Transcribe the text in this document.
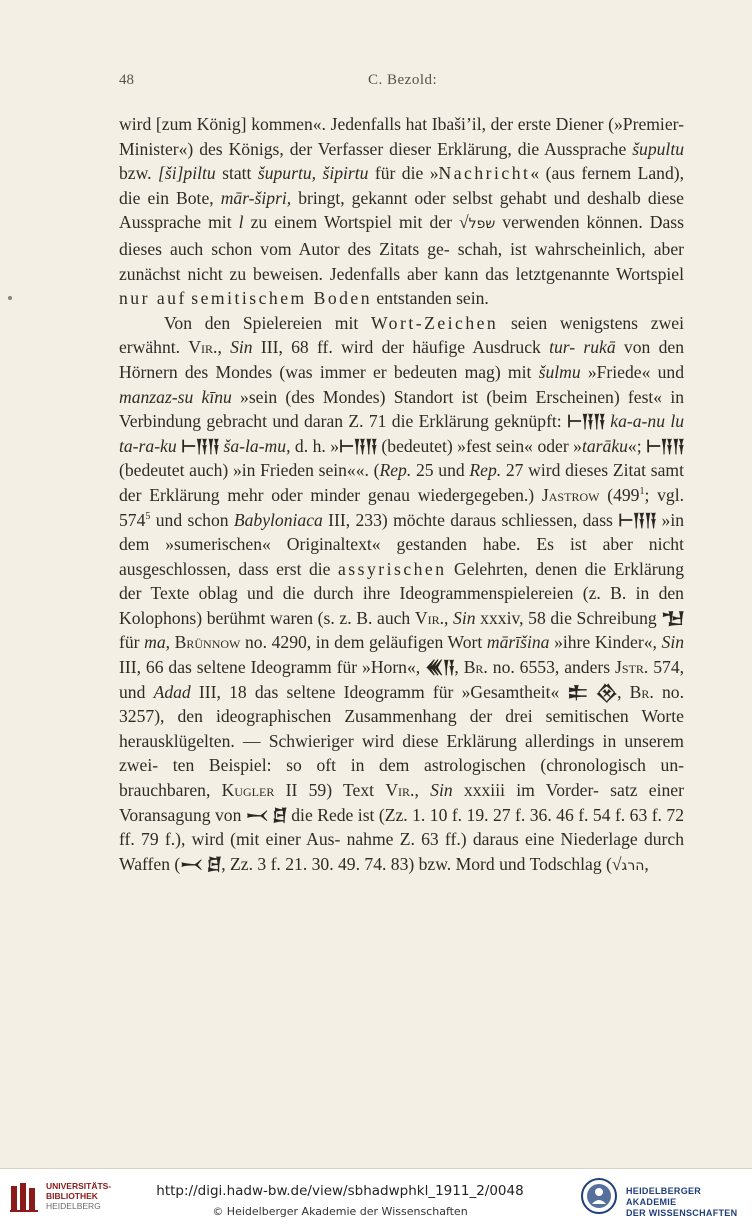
48	C. Bezold:

wird [zum König] kommen«. Jedenfalls hat Ibaši’il, der erste Diener (»Premier-Minister«) des Königs, der Verfasser dieser Erklärung, die Aussprache šupultu bzw. [ši]piltu statt šupurtu, šipirtu für die »Nachricht« (aus fernem Land), die ein Bote, mār-šipri, bringt, gekannt oder selbst gehabt und deshalb diese Aussprache mit l zu einem Wortspiel mit der √שפל verwenden können. Dass dieses auch schon vom Autor des Zitats ge- schah, ist wahrscheinlich, aber zunächst nicht zu beweisen. Jedenfalls aber kann das letztgenannte Wortspiel nur auf semitischem Boden entstanden sein.

Von den Spielereien mit Wort-Zeichen seien wenigstens zwei erwähnt. Vir., Sin III, 68 ff. wird der häufige Ausdruck tur- rukā von den Hörnern des Mondes (was immer er bedeuten mag) mit šulmu »Friede« und manzaz-su kīnu »sein (des Mondes) Standort ist (beim Erscheinen) fest« in Verbindung gebracht und daran Z. 71 die Erklärung geknüpft: ⊢𒀀𒀀 ka-a-nu lu ta-ra-ku ⊢𒀀𒀀 ša-la-mu, d. h. »⊢𒀀𒀀 (bedeutet) »fest sein« oder »tarāku«; ⊢𒀀𒀀 (bedeutet auch) »in Frieden sein««. (Rep. 25 und Rep. 27 wird dieses Zitat samt der Erklärung mehr oder minder genau wiedergegeben.) Jastrow ($499^1$; vgl. $574^5$ und schon Babyloniaca III, 233) möchte daraus schliessen, dass ⊢𒀀𒀀 »in dem »sumerischen« Originaltext« gestanden habe. Es ist aber nicht ausgeschlossen, dass erst die assyrischen Gelehrten, denen die Erklärung der Texte oblag und die durch ihre Ideogrammenspielereien (z. B. in den Kolophons) berühmt waren (s. z. B. auch Vir., Sin xxxiv, 58 die Schreibung 𒈠 für ma, Brünnow no. 4290, in dem geläufigen Wort mārīšina »ihre Kinder«, Sin III, 66 das seltene Ideogramm für »Horn«, 𒌍𒀀, Br. no. 6553, anders Jstr. 574, und Adad III, 18 das seltene Ideogramm für »Gesamtheit« 𒉺 𒊮, Br. no. 3257), den ideographischen Zusammenhang der drei semitischen Worte herausklügelten. — Schwieriger wird diese Erklärung allerdings in unserem zwei- ten Beispiel: so oft in dem astrologischen (chronologisch un- brauchbaren, Kugler II 59) Text Vir., Sin xxxiii im Vorder- satz einer Voransagung von 𒁁 𒆪 die Rede ist (Zz. 1. 10 f. 19. 27 f. 36. 46 f. 54 f. 63 f. 72 ff. 79 f.), wird (mit einer Aus- nahme Z. 63 ff.) daraus eine Niederlage durch Waffen (𒁁 𒆪, Zz. 3 f. 21. 30. 49. 74. 83) bzw. Mord und Todschlag (√הרג,

UNIVERSITÄTS-
BIBLIOTHEK
HEIDELBERG
http://digi.hadw-bw.de/view/sbhadwphkl_1911_2/0048
© Heidelberger Akademie der Wissenschaften
HEIDELBERGER AKADEMIE
DER WISSENSCHAFTEN
